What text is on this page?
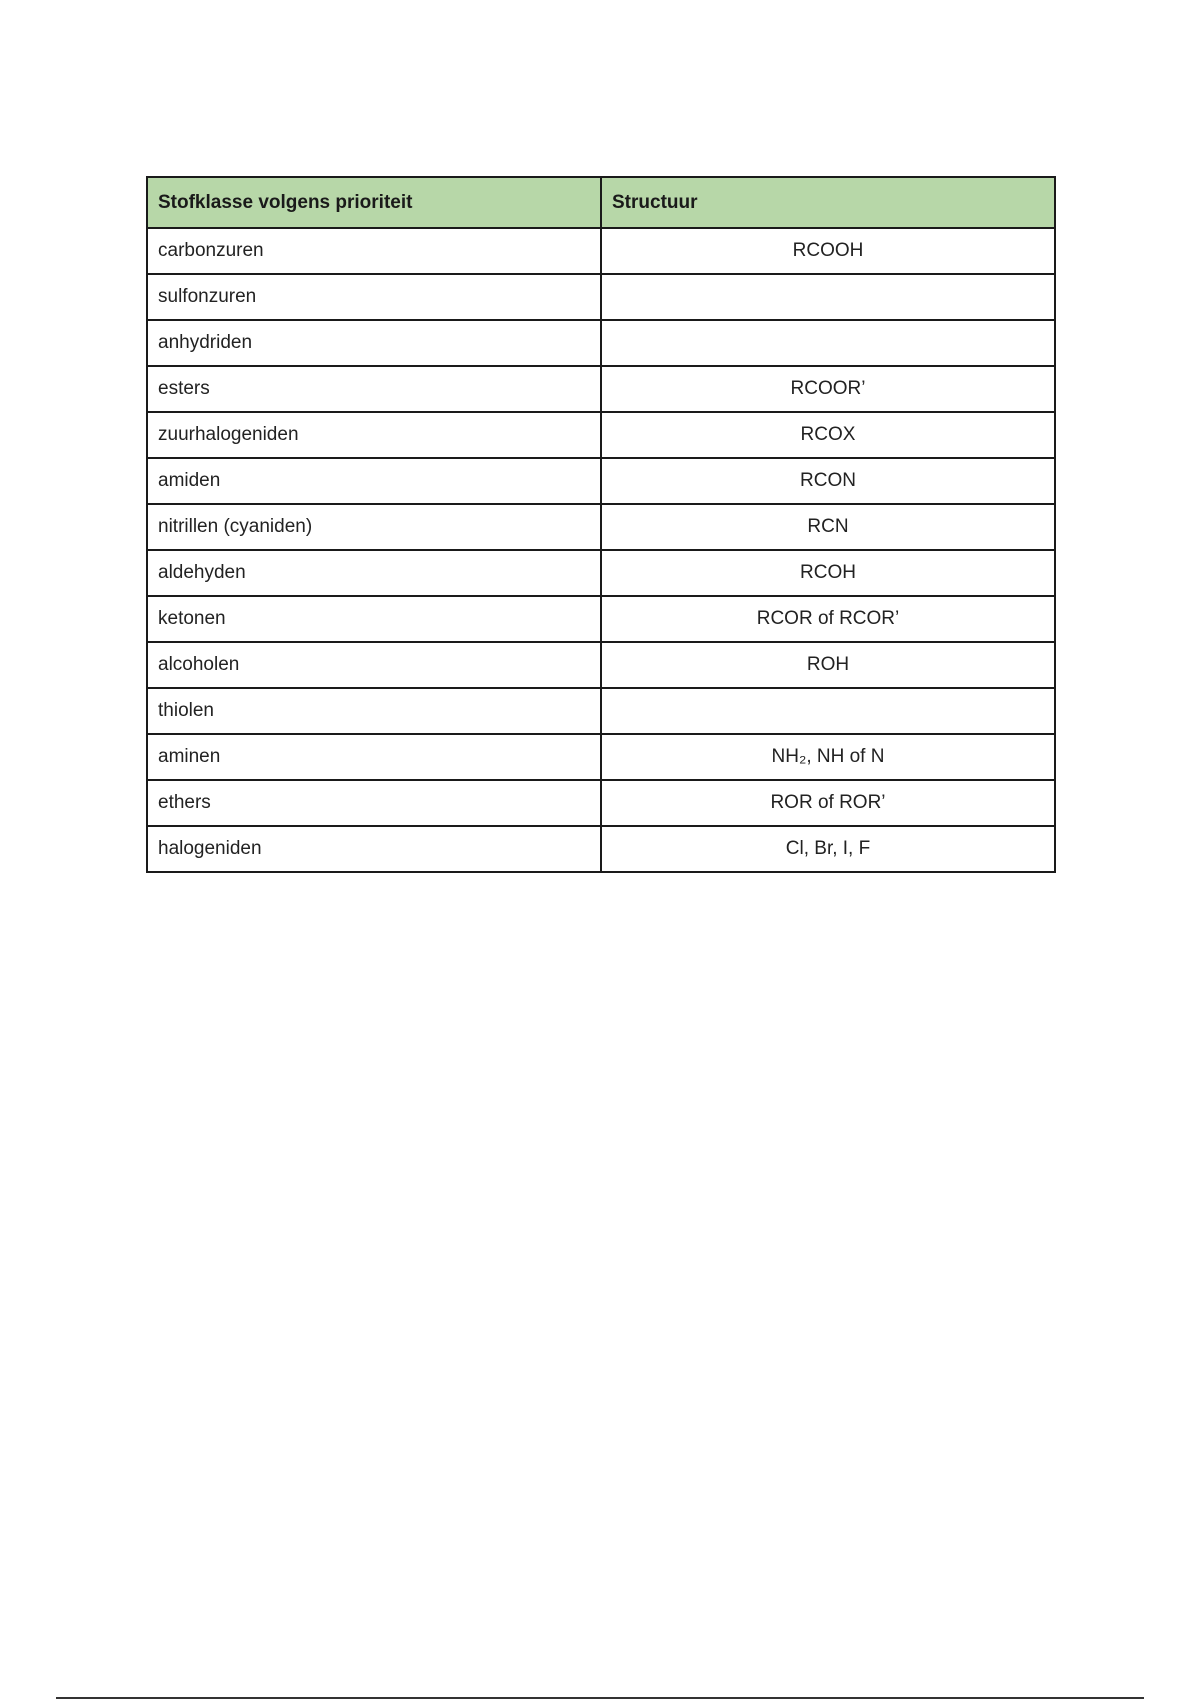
Stofklasse volgens prioriteit	Structuur
carbonzuren	RCOOH
sulfonzuren	
anhydriden	
esters	RCOOR’
zuurhalogeniden	RCOX
amiden	RCON
nitrillen (cyaniden)	RCN
aldehyden	RCOH
ketonen	RCOR of RCOR’
alcoholen	ROH
thiolen	
aminen	NH₂, NH of N
ethers	ROR of ROR’
halogeniden	Cl, Br, I, F
